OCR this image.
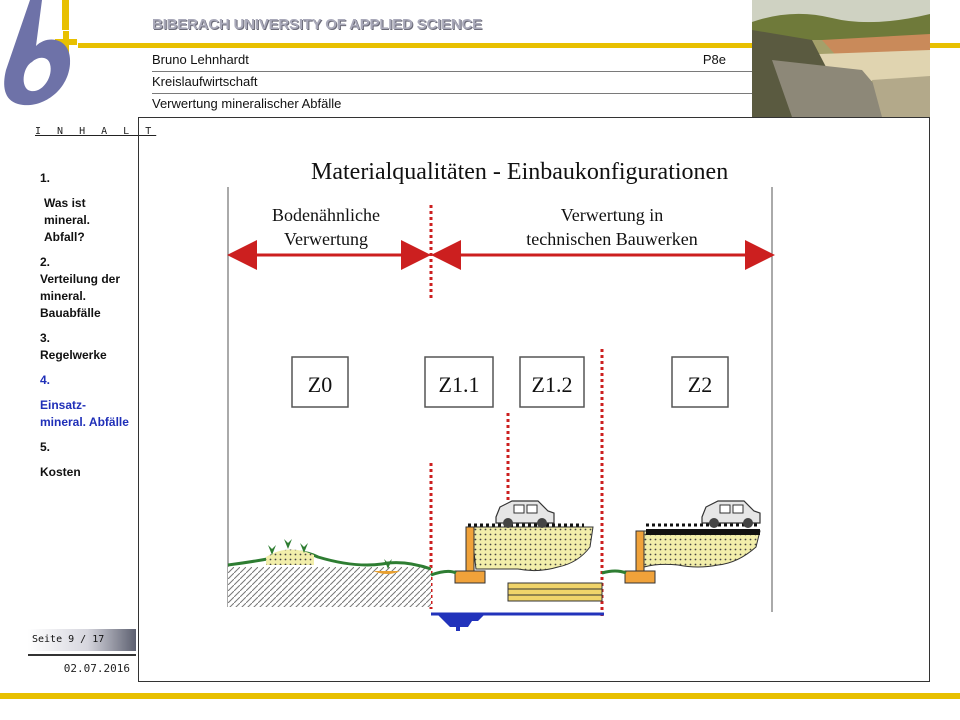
BIBERACH UNIVERSITY OF APPLIED SCIENCE
Bruno Lehnhardt	P8e
Kreislaufwirtschaft
Verwertung mineralischer Abfälle
I N H A L T
1.
Was ist mineral. Abfall?
2.
Verteilung der mineral. Bauabfälle
3.
Regelwerke
4.
Einsatz-mineral. Abfälle
5.
Kosten
Seite 9 / 17
02.07.2016
Materialqualitäten - Einbaukonfigurationen
Bodenähnliche
Verwertung
Verwertung in
technischen Bauwerken
Z0	Z1.1 Z1.2	Z2
